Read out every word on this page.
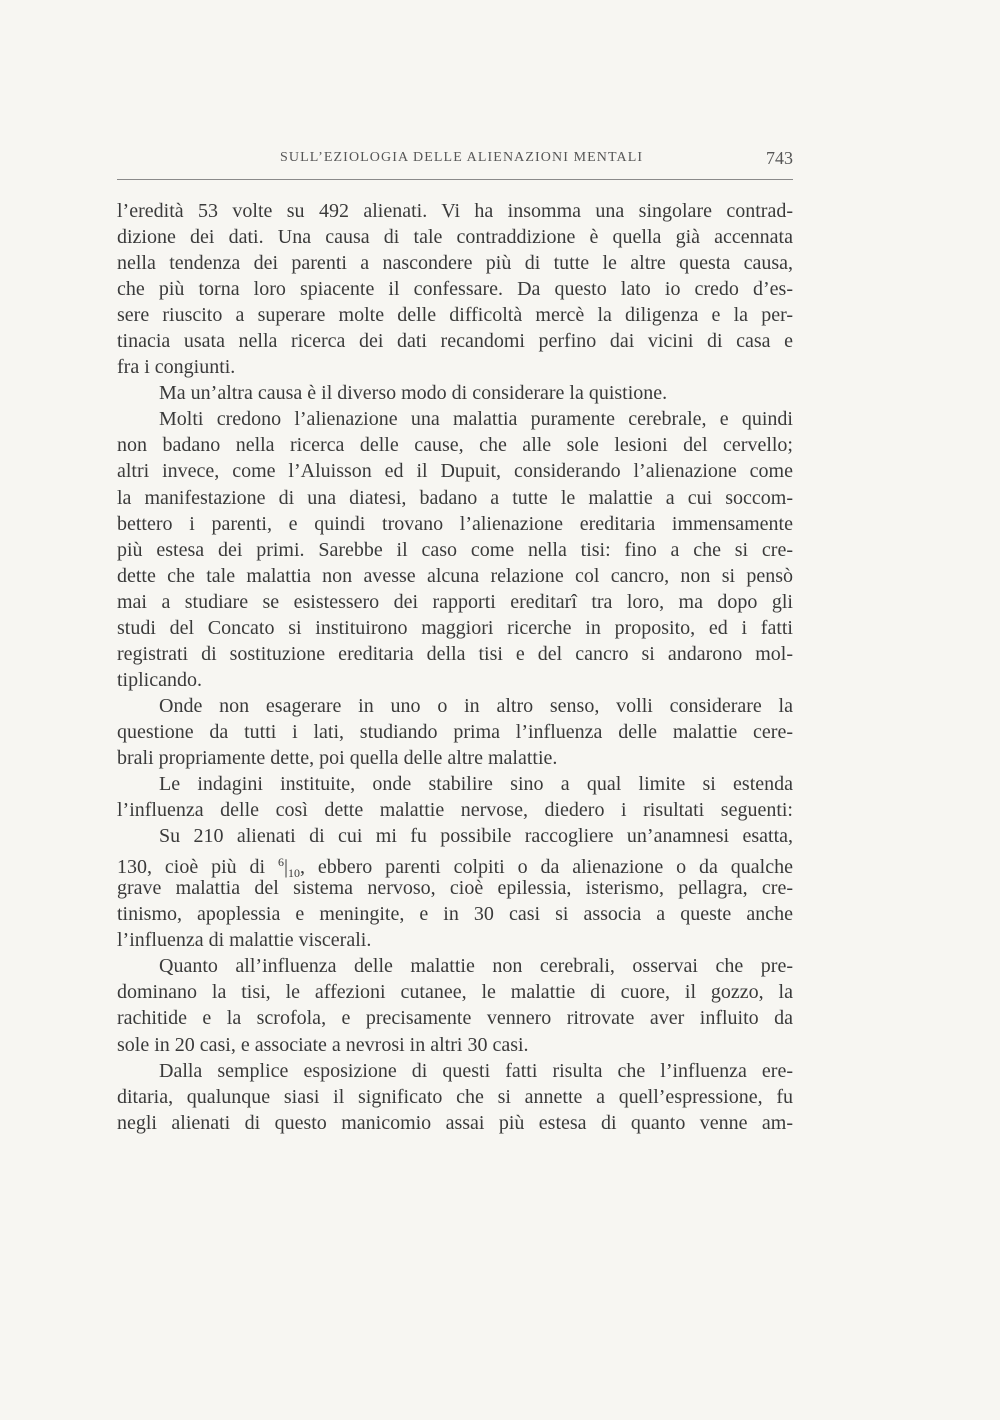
SULL’EZIOLOGIA DELLE ALIENAZIONI MENTALI	743
l’eredità 53 volte su 492 alienati. Vi ha insomma una singolare contrad-
dizione dei dati. Una causa di tale contraddizione è quella già accennata
nella tendenza dei parenti a nascondere più di tutte le altre questa causa,
che più torna loro spiacente il confessare. Da questo lato io credo d’es-
sere riuscito a superare molte delle difficoltà mercè la diligenza e la per-
tinacia usata nella ricerca dei dati recandomi perfino dai vicini di casa e
fra i congiunti.
Ma un’altra causa è il diverso modo di considerare la quistione.
Molti credono l’alienazione una malattia puramente cerebrale, e quindi
non badano nella ricerca delle cause, che alle sole lesioni del cervello;
altri invece, come l’Aluisson ed il Dupuit, considerando l’alienazione come
la manifestazione di una diatesi, badano a tutte le malattie a cui soccom-
bettero i parenti, e quindi trovano l’alienazione ereditaria immensamente
più estesa dei primi. Sarebbe il caso come nella tisi: fino a che si cre-
dette che tale malattia non avesse alcuna relazione col cancro, non si pensò
mai a studiare se esistessero dei rapporti ereditarî tra loro, ma dopo gli
studi del Concato si instituirono maggiori ricerche in proposito, ed i fatti
registrati di sostituzione ereditaria della tisi e del cancro si andarono mol-
tiplicando.
Onde non esagerare in uno o in altro senso, volli considerare la
questione da tutti i lati, studiando prima l’influenza delle malattie cere-
brali propriamente dette, poi quella delle altre malattie.
Le indagini instituite, onde stabilire sino a qual limite si estenda
l’influenza delle così dette malattie nervose, diedero i risultati seguenti:
Su 210 alienati di cui mi fu possibile raccogliere un’anamnesi esatta,
130, cioè più di $^6|_{10}$, ebbero parenti colpiti o da alienazione o da qualche
grave malattia del sistema nervoso, cioè epilessia, isterismo, pellagra, cre-
tinismo, apoplessia e meningite, e in 30 casi si associa a queste anche
l’influenza di malattie viscerali.
Quanto all’influenza delle malattie non cerebrali, osservai che pre-
dominano la tisi, le affezioni cutanee, le malattie di cuore, il gozzo, la
rachitide e la scrofola, e precisamente vennero ritrovate aver influito da
sole in 20 casi, e associate a nevrosi in altri 30 casi.
Dalla semplice esposizione di questi fatti risulta che l’influenza ere-
ditaria, qualunque siasi il significato che si annette a quell’espressione, fu
negli alienati di questo manicomio assai più estesa di quanto venne am-
